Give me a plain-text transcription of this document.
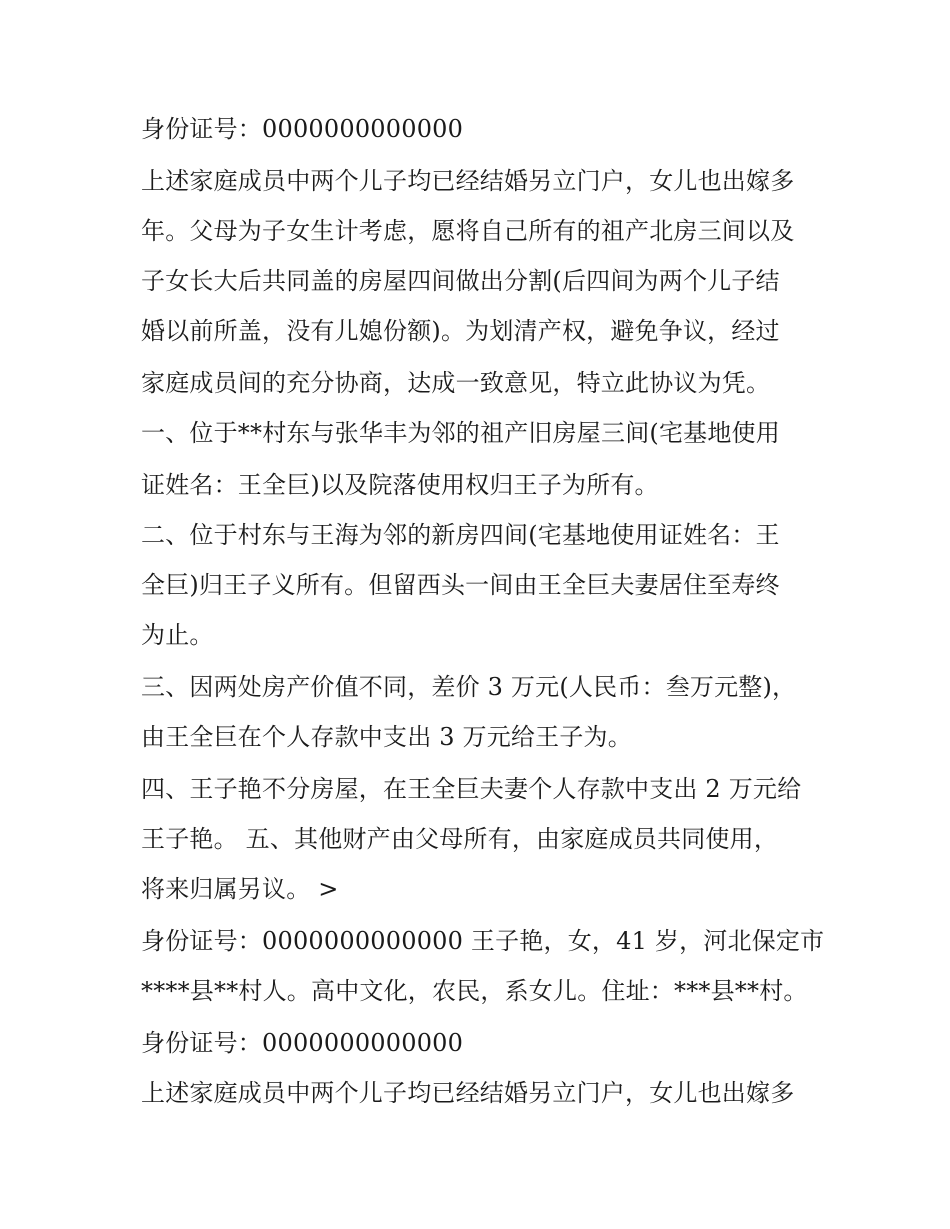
身份证号：0000000000000
上述家庭成员中两个儿子均已经结婚另立门户，女儿也出嫁多
年。父母为子女生计考虑，愿将自己所有的祖产北房三间以及
子女长大后共同盖的房屋四间做出分割(后四间为两个儿子结
婚以前所盖，没有儿媳份额)。为划清产权，避免争议，经过
家庭成员间的充分协商，达成一致意见，特立此协议为凭。
一、位于**村东与张华丰为邻的祖产旧房屋三间(宅基地使用
证姓名：王全巨)以及院落使用权归王子为所有。
二、位于村东与王海为邻的新房四间(宅基地使用证姓名：王
全巨)归王子义所有。但留西头一间由王全巨夫妻居住至寿终
为止。
三、因两处房产价值不同，差价 3 万元(人民币：叁万元整)，
由王全巨在个人存款中支出 3 万元给王子为。
四、王子艳不分房屋，在王全巨夫妻个人存款中支出 2 万元给
王子艳。 五、其他财产由父母所有，由家庭成员共同使用，
将来归属另议。 >
身份证号：0000000000000 王子艳，女，41 岁，河北保定市
****县**村人。高中文化，农民，系女儿。住址：***县**村。
身份证号：0000000000000
上述家庭成员中两个儿子均已经结婚另立门户，女儿也出嫁多
